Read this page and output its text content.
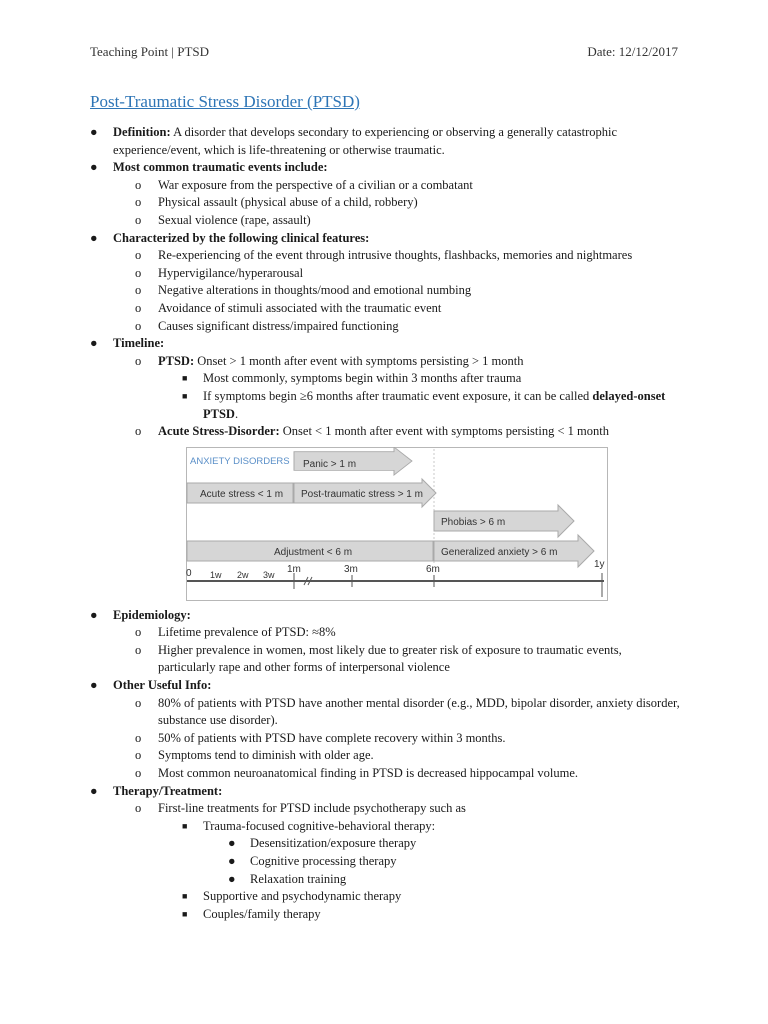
Teaching Point | PTSD	Date: 12/12/2017
Post-Traumatic Stress Disorder (PTSD)
● Definition: A disorder that develops secondary to experiencing or observing a generally catastrophic experience/event, which is life-threatening or otherwise traumatic.
● Most common traumatic events include:
o War exposure from the perspective of a civilian or a combatant
o Physical assault (physical abuse of a child, robbery)
o Sexual violence (rape, assault)
● Characterized by the following clinical features:
o Re-experiencing of the event through intrusive thoughts, flashbacks, memories and nightmares
o Hypervigilance/hyperarousal
o Negative alterations in thoughts/mood and emotional numbing
o Avoidance of stimuli associated with the traumatic event
o Causes significant distress/impaired functioning
● Timeline:
o PTSD: Onset > 1 month after event with symptoms persisting > 1 month
■ Most commonly, symptoms begin within 3 months after trauma
■ If symptoms begin ≥6 months after traumatic event exposure, it can be called delayed-onset PTSD.
o Acute Stress-Disorder: Onset < 1 month after event with symptoms persisting < 1 month
ANXIETY DISORDERS Panic > 1 m
Acute stress < 1 m Post-traumatic stress > 1 m
Phobias > 6 m
Adjustment < 6 m	Generalized anxiety > 6 m
0 1w 2w 3w 1m	3m	6m	1y
● Epidemiology:
o Lifetime prevalence of PTSD: ≈8%
o Higher prevalence in women, most likely due to greater risk of exposure to traumatic events, particularly rape and other forms of interpersonal violence
● Other Useful Info:
o 80% of patients with PTSD have another mental disorder (e.g., MDD, bipolar disorder, anxiety disorder, substance use disorder).
o 50% of patients with PTSD have complete recovery within 3 months.
o Symptoms tend to diminish with older age.
o Most common neuroanatomical finding in PTSD is decreased hippocampal volume.
● Therapy/Treatment:
o First-line treatments for PTSD include psychotherapy such as
■ Trauma-focused cognitive-behavioral therapy:
● Desensitization/exposure therapy
● Cognitive processing therapy
● Relaxation training
■ Supportive and psychodynamic therapy
■ Couples/family therapy
